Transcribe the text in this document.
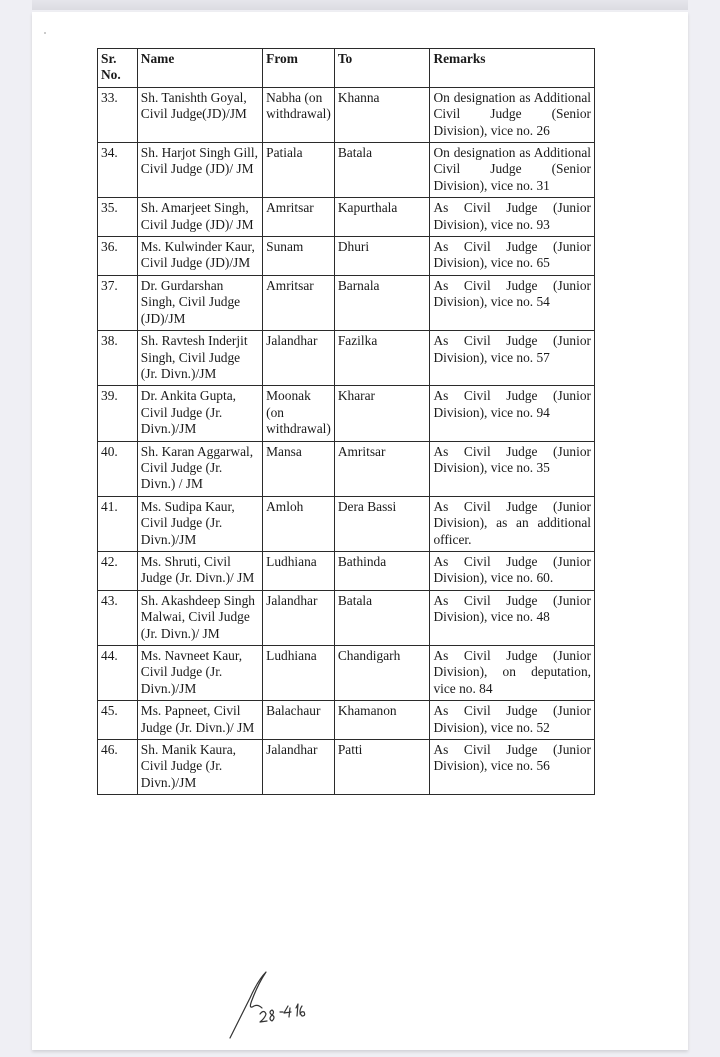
Sr. No.	Name	From	To	Remarks
33.	Sh. Tanishth Goyal, Civil Judge(JD)/JM	Nabha (on withdrawal)	Khanna	On designation as Additional Civil Judge (Senior Division), vice no. 26
34.	Sh. Harjot Singh Gill, Civil Judge (JD)/ JM	Patiala	Batala	On designation as Additional Civil Judge (Senior Division), vice no. 31
35.	Sh. Amarjeet Singh, Civil Judge (JD)/ JM	Amritsar	Kapurthala	As Civil Judge (Junior Division), vice no. 93
36.	Ms. Kulwinder Kaur, Civil Judge (JD)/JM	Sunam	Dhuri	As Civil Judge (Junior Division), vice no. 65
37.	Dr. Gurdarshan Singh, Civil Judge (JD)/JM	Amritsar	Barnala	As Civil Judge (Junior Division), vice no. 54
38.	Sh. Ravtesh Inderjit Singh, Civil Judge (Jr. Divn.)/JM	Jalandhar	Fazilka	As Civil Judge (Junior Division), vice no. 57
39.	Dr. Ankita Gupta, Civil Judge (Jr. Divn.)/JM	Moonak (on withdrawal)	Kharar	As Civil Judge (Junior Division), vice no. 94
40.	Sh. Karan Aggarwal, Civil Judge (Jr. Divn.) / JM	Mansa	Amritsar	As Civil Judge (Junior Division), vice no. 35
41.	Ms. Sudipa Kaur, Civil Judge (Jr. Divn.)/JM	Amloh	Dera Bassi	As Civil Judge (Junior Division), as an additional officer.
42.	Ms. Shruti, Civil Judge (Jr. Divn.)/ JM	Ludhiana	Bathinda	As Civil Judge (Junior Division), vice no. 60.
43.	Sh. Akashdeep Singh Malwai, Civil Judge (Jr. Divn.)/ JM	Jalandhar	Batala	As Civil Judge (Junior Division), vice no. 48
44.	Ms. Navneet Kaur, Civil Judge (Jr. Divn.)/JM	Ludhiana	Chandigarh	As Civil Judge (Junior Division), on deputation, vice no. 84
45.	Ms. Papneet, Civil Judge (Jr. Divn.)/ JM	Balachaur	Khamanon	As Civil Judge (Junior Division), vice no. 52
46.	Sh. Manik Kaura, Civil Judge (Jr. Divn.)/JM	Jalandhar	Patti	As Civil Judge (Junior Division), vice no. 56
